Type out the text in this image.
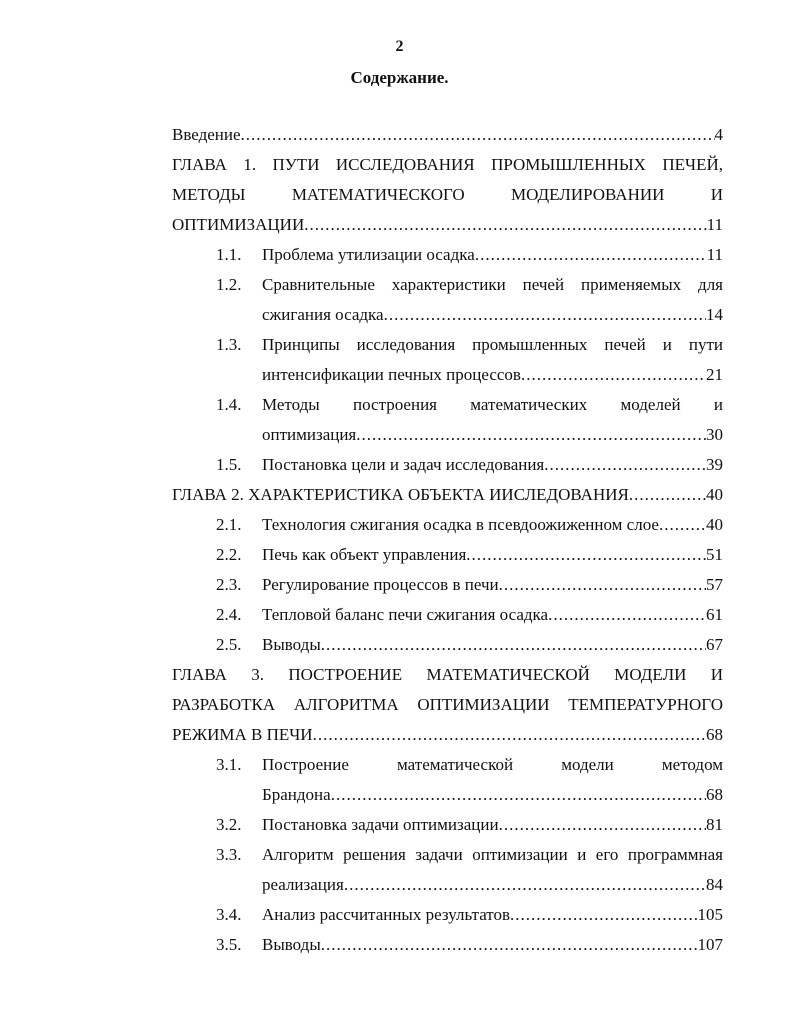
2
Содержание.
Введение .....	4
ГЛАВА 1. ПУТИ ИССЛЕДОВАНИЯ ПРОМЫШЛЕННЫХ ПЕЧЕЙ,
МЕТОДЫ МАТЕМАТИЧЕСКОГО МОДЕЛИРОВАНИИ И
ОПТИМИЗАЦИИ .....	11
1.1.	Проблема утилизации осадка .....	11
1.2.	Сравнительные характеристики печей применяемых для
сжигания осадка .....	14
1.3.	Принципы исследования промышленных печей и пути
интенсификации печных процессов .....	21
1.4.	Методы построения математических моделей и
оптимизация .....	30
1.5.	Постановка цели и задач исследования .....	39
ГЛАВА 2. ХАРАКТЕРИСТИКА ОБЪЕКТА ИИСЛЕДОВАНИЯ .....	40
2.1.	Технология сжигания осадка в псевдоожиженном слое .....	40
2.2.	Печь как объект управления .....	51
2.3.	Регулирование процессов в печи .....	57
2.4.	Тепловой баланс печи сжигания осадка .....	61
2.5.	Выводы .....	67
ГЛАВА 3. ПОСТРОЕНИЕ МАТЕМАТИЧЕСКОЙ МОДЕЛИ И
РАЗРАБОТКА АЛГОРИТМА ОПТИМИЗАЦИИ ТЕМПЕРАТУРНОГО
РЕЖИМА В ПЕЧИ .....	68
3.1.	Построение математической модели методом
Брандона .....	68
3.2.	Постановка задачи оптимизации .....	81
3.3.	Алгоритм решения задачи оптимизации и его программная
реализация .....	84
3.4.	Анализ рассчитанных результатов .....	105
3.5.	Выводы .....	107
